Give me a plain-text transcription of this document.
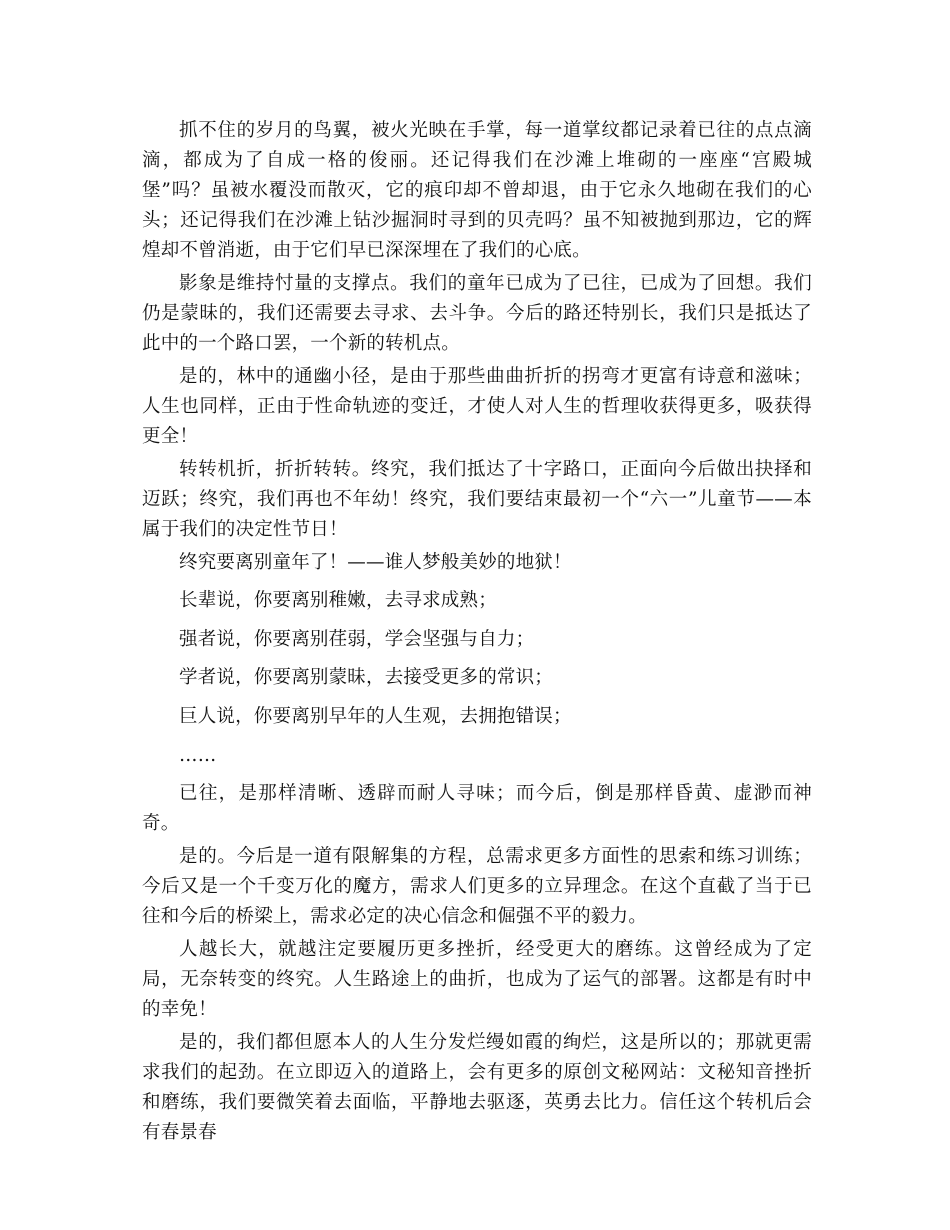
抓不住的岁月的鸟翼，被火光映在手掌，每一道掌纹都记录着已往的点点滴滴，都成为了自成一格的俊丽。还记得我们在沙滩上堆砌的一座座“宫殿城堡”吗？虽被水覆没而散灭，它的痕印却不曾却退，由于它永久地砌在我们的心头；还记得我们在沙滩上钻沙掘洞时寻到的贝壳吗？虽不知被抛到那边，它的辉煌却不曾消逝，由于它们早已深深埋在了我们的心底。

影象是维持忖量的支撑点。我们的童年已成为了已往，已成为了回想。我们仍是蒙昧的，我们还需要去寻求、去斗争。今后的路还特别长，我们只是抵达了此中的一个路口罢，一个新的转机点。

是的，林中的通幽小径，是由于那些曲曲折折的拐弯才更富有诗意和滋味；人生也同样，正由于性命轨迹的变迁，才使人对人生的哲理收获得更多，吸获得更全！

转转机折，折折转转。终究，我们抵达了十字路口，正面向今后做出抉择和迈跃；终究，我们再也不年幼！终究，我们要结束最初一个“六一”儿童节——本属于我们的决定性节日！

终究要离别童年了！——谁人梦般美妙的地狱！

长辈说，你要离别稚嫩，去寻求成熟；

强者说，你要离别荏弱，学会坚强与自力；

学者说，你要离别蒙昧，去接受更多的常识；

巨人说，你要离别早年的人生观，去拥抱错误；

……

已往，是那样清晰、透辟而耐人寻味；而今后，倒是那样昏黄、虚渺而神奇。

是的。今后是一道有限解集的方程，总需求更多方面性的思索和练习训练；今后又是一个千变万化的魔方，需求人们更多的立异理念。在这个直截了当于已往和今后的桥梁上，需求必定的决心信念和倔强不平的毅力。

人越长大，就越注定要履历更多挫折，经受更大的磨练。这曾经成为了定局，无奈转变的终究。人生路途上的曲折，也成为了运气的部署。这都是有时中的幸免！

是的，我们都但愿本人的人生分发烂缦如霞的绚烂，这是所以的；那就更需求我们的起劲。在立即迈入的道路上，会有更多的原创文秘网站：文秘知音挫折和磨练，我们要微笑着去面临，平静地去驱逐，英勇去比力。信任这个转机后会有春景春
